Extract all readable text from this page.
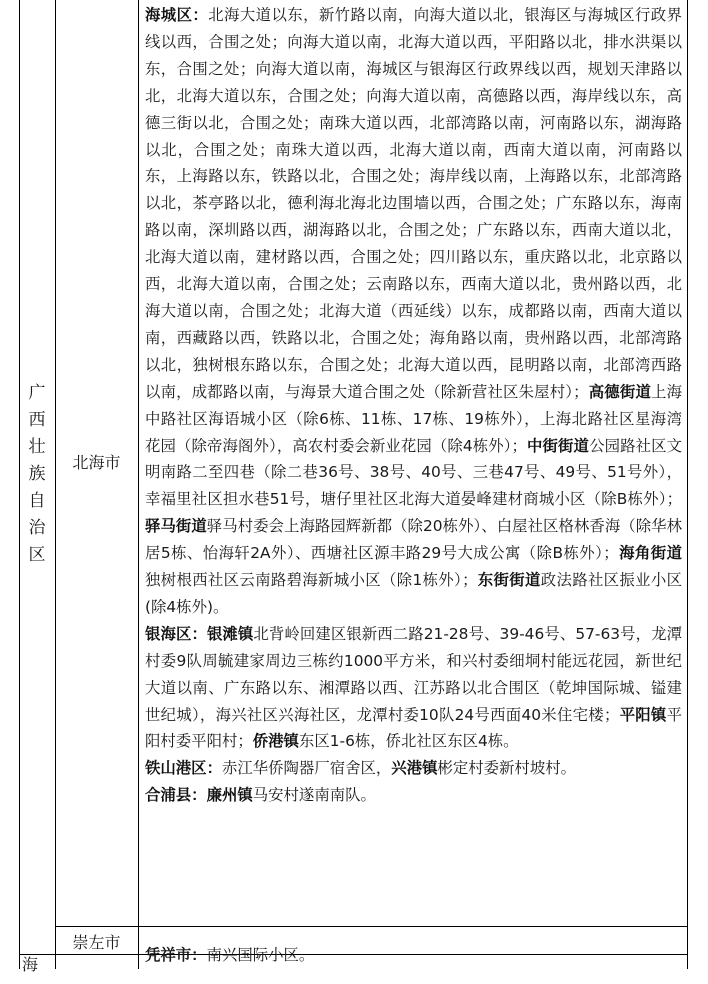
广
西
壮
族
自
治
区
北海市
崇左市

海城区：北海大道以东，新竹路以南，向海大道以北，银海区与海城区行政界线以西，合围之处；向海大道以南，北海大道以西，平阳路以北，排水洪渠以东，合围之处；向海大道以南，海城区与银海区行政界线以西，规划天津路以北，北海大道以东，合围之处；向海大道以南，高德路以西，海岸线以东，高德三街以北，合围之处；南珠大道以西，北部湾路以南，河南路以东，湖海路以北，合围之处；南珠大道以西，北海大道以南，西南大道以南，河南路以东，上海路以东，铁路以北，合围之处；海岸线以南，上海路以东，北部湾路以北，茶亭路以北，德利海北海北边围墙以西，合围之处；广东路以东，海南路以南，深圳路以西，湖海路以北，合围之处；广东路以东，西南大道以北，北海大道以南，建材路以西，合围之处；四川路以东，重庆路以北，北京路以西，北海大道以南，合围之处；云南路以东，西南大道以北，贵州路以西，北海大道以南，合围之处；北海大道（西延线）以东，成都路以南，西南大道以南，西藏路以西，铁路以北，合围之处；海角路以南，贵州路以西，北部湾路以北，独树根东路以东，合围之处；北海大道以西，昆明路以南，北部湾西路以南，成都路以南，与海景大道合围之处（除新营社区朱屋村）；高德街道上海中路社区海语城小区（除6栋、11栋、17栋、19栋外），上海北路社区星海湾花园（除帝海阁外），高农村委会新业花园（除4栋外）；中街街道公园路社区文明南路二至四巷（除二巷36号、38号、40号、三巷47号、49号、51号外），幸福里社区担水巷51号，塘仔里社区北海大道晏峰建材商城小区（除B栋外）；驿马街道驿马村委会上海路园辉新都（除20栋外）、白屋社区格林香海（除华林居5栋、怡海轩2A外）、西塘社区源丰路29号大成公寓（除B栋外）；海角街道独树根西社区云南路碧海新城小区（除1栋外）；东街街道政法路社区振业小区(除4栋外)。

银海区：银滩镇北背岭回建区银新西二路21-28号、39-46号、57-63号，龙潭村委9队周毓建家周边三栋约1000平方米，和兴村委细垌村能远花园，新世纪大道以南、广东路以东、湘潭路以西、江苏路以北合围区（乾坤国际城、镒建世纪城），海兴社区兴海社区，龙潭村委10队24号西面40米住宅楼；平阳镇平阳村委平阳村；侨港镇东区1-6栋，侨北社区东区4栋。

铁山港区：赤江华侨陶器厂宿舍区，兴港镇彬定村委新村坡村。

合浦县：廉州镇马安村遂南南队。

凭祥市：南兴国际小区。

海
